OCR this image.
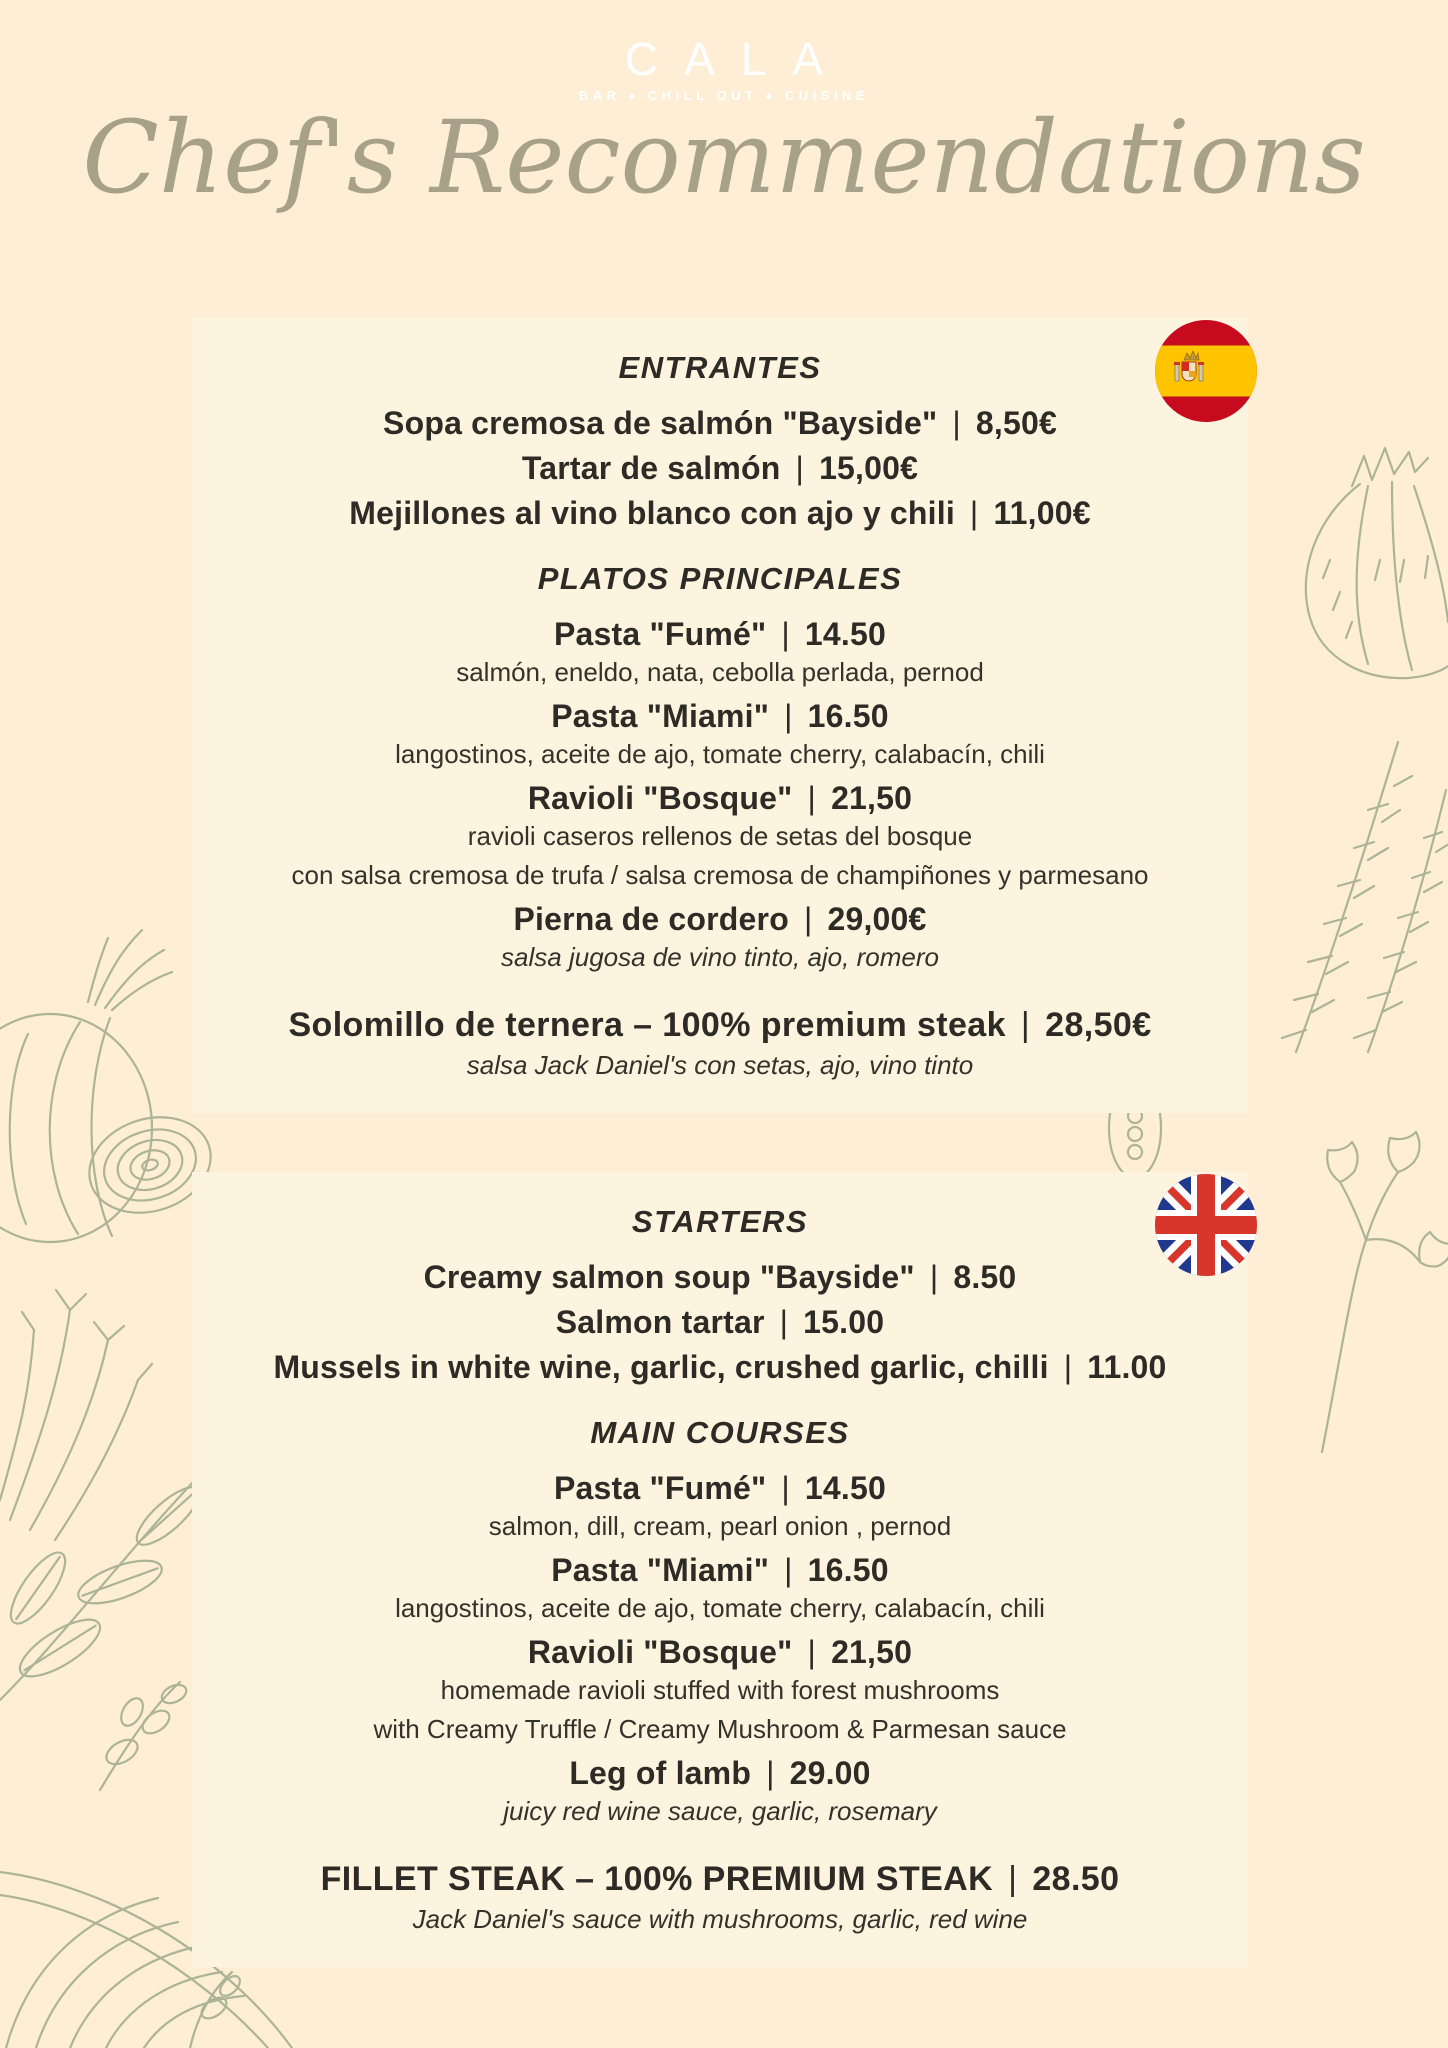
CALA
BAR ♦ CHILL OUT ♦ CUISINE
Chef's Recommendations
ENTRANTES
Sopa cremosa de salmón "Bayside" | 8,50€
Tartar de salmón | 15,00€
Mejillones al vino blanco con ajo y chili | 11,00€
PLATOS PRINCIPALES
Pasta "Fumé" | 14.50
salmón, eneldo, nata, cebolla perlada, pernod
Pasta "Miami" | 16.50
langostinos, aceite de ajo, tomate cherry, calabacín, chili
Ravioli "Bosque" | 21,50
ravioli caseros rellenos de setas del bosque
con salsa cremosa de trufa / salsa cremosa de champiñones y parmesano
Pierna de cordero | 29,00€
salsa jugosa de vino tinto, ajo, romero
Solomillo de ternera – 100% premium steak | 28,50€
salsa Jack Daniel's con setas, ajo, vino tinto
STARTERS
Creamy salmon soup "Bayside" | 8.50
Salmon tartar | 15.00
Mussels in white wine, garlic, crushed garlic, chilli | 11.00
MAIN COURSES
Pasta "Fumé" | 14.50
salmon, dill, cream, pearl onion , pernod
Pasta "Miami" | 16.50
langostinos, aceite de ajo, tomate cherry, calabacín, chili
Ravioli "Bosque" | 21,50
homemade ravioli stuffed with forest mushrooms
with Creamy Truffle / Creamy Mushroom & Parmesan sauce
Leg of lamb | 29.00
juicy red wine sauce, garlic, rosemary
FILLET STEAK – 100% PREMIUM STEAK | 28.50
Jack Daniel's sauce with mushrooms, garlic, red wine
